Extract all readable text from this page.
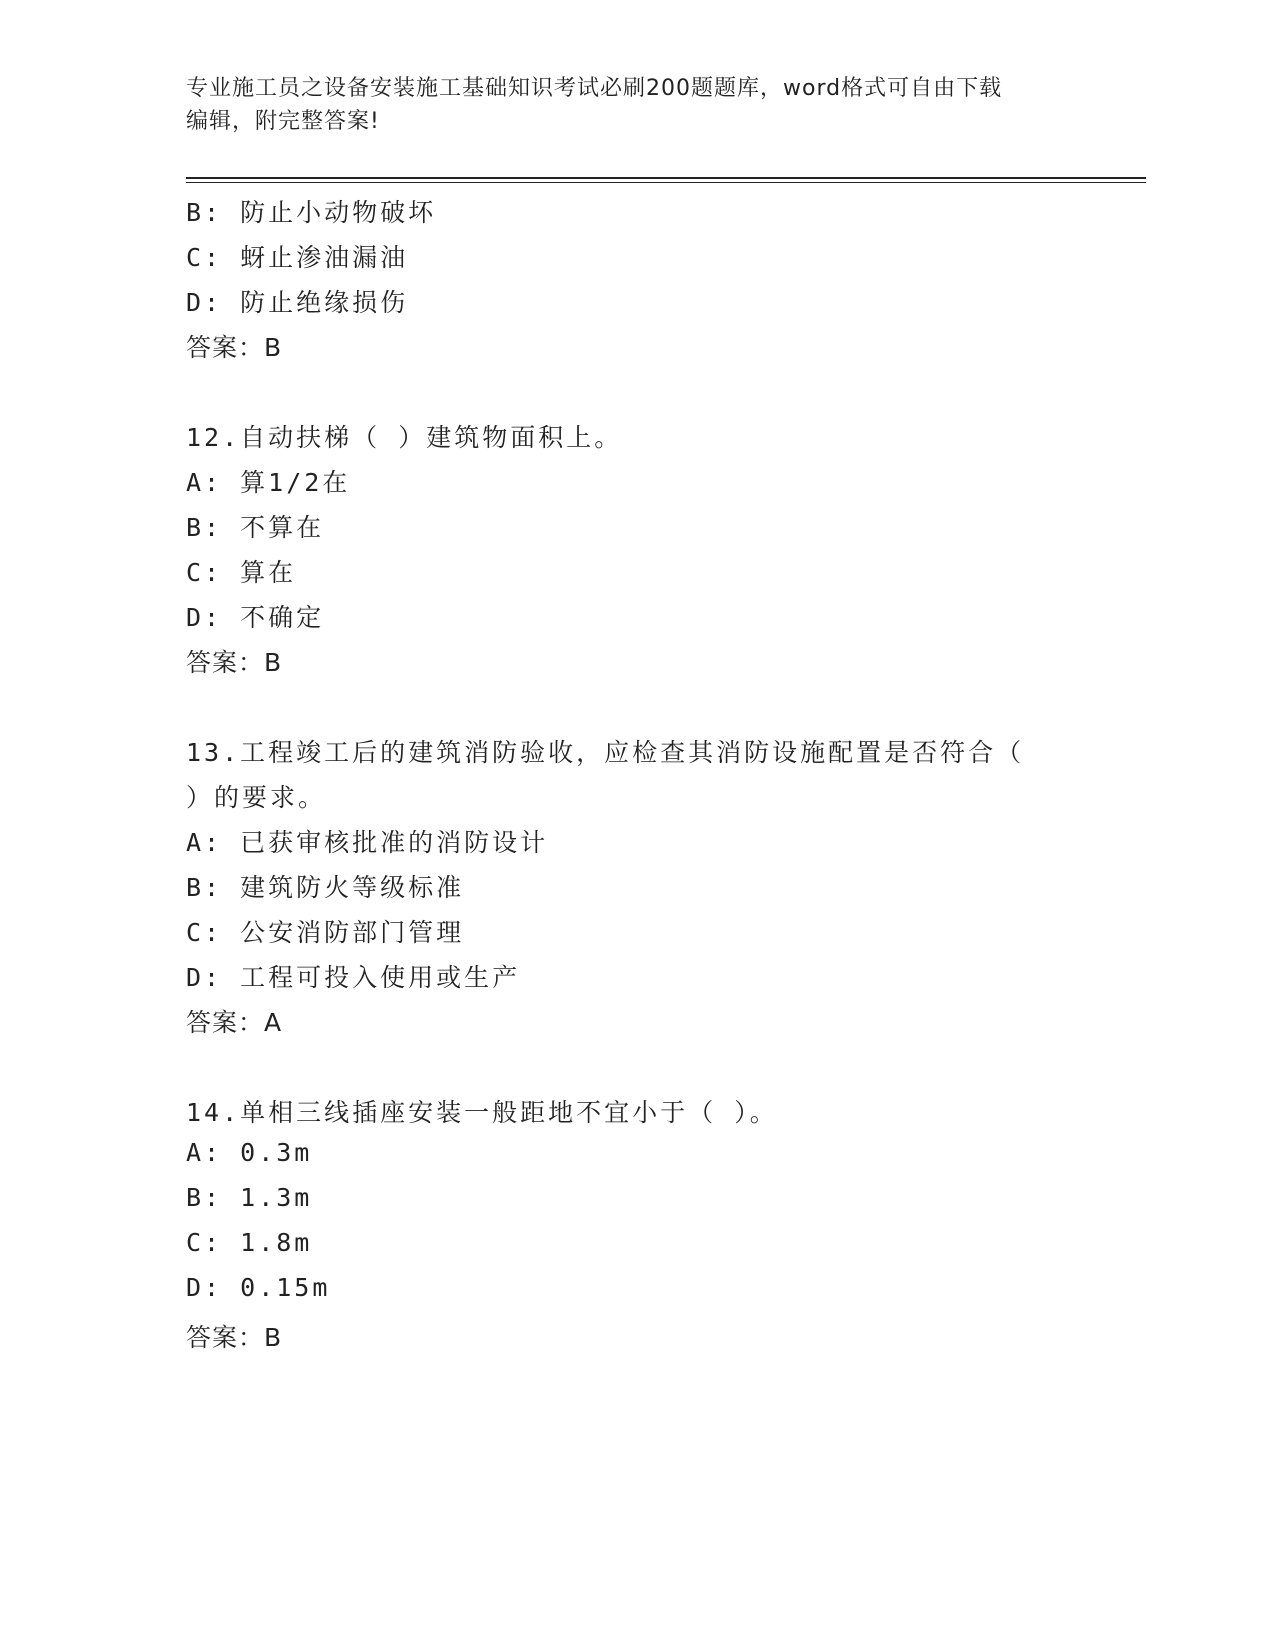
专业施工员之设备安装施工基础知识考试必刷200题题库，word格式可自由下载
编辑，附完整答案!
B: 防止小动物破坏
C: 蚜止渗油漏油
D: 防止绝缘损伤
答案：B
12.自动扶梯（ ）建筑物面积上。
A: 算1/2在
B: 不算在
C: 算在
D: 不确定
答案：B
13.工程竣工后的建筑消防验收，应检查其消防设施配置是否符合（
）的要求。
A: 已获审核批准的消防设计
B: 建筑防火等级标准
C: 公安消防部门管理
D: 工程可投入使用或生产
答案：A
14.单相三线插座安装一般距地不宜小于（ ）。
A: 0.3m
B: 1.3m
C: 1.8m
D: 0.15m
答案：B
